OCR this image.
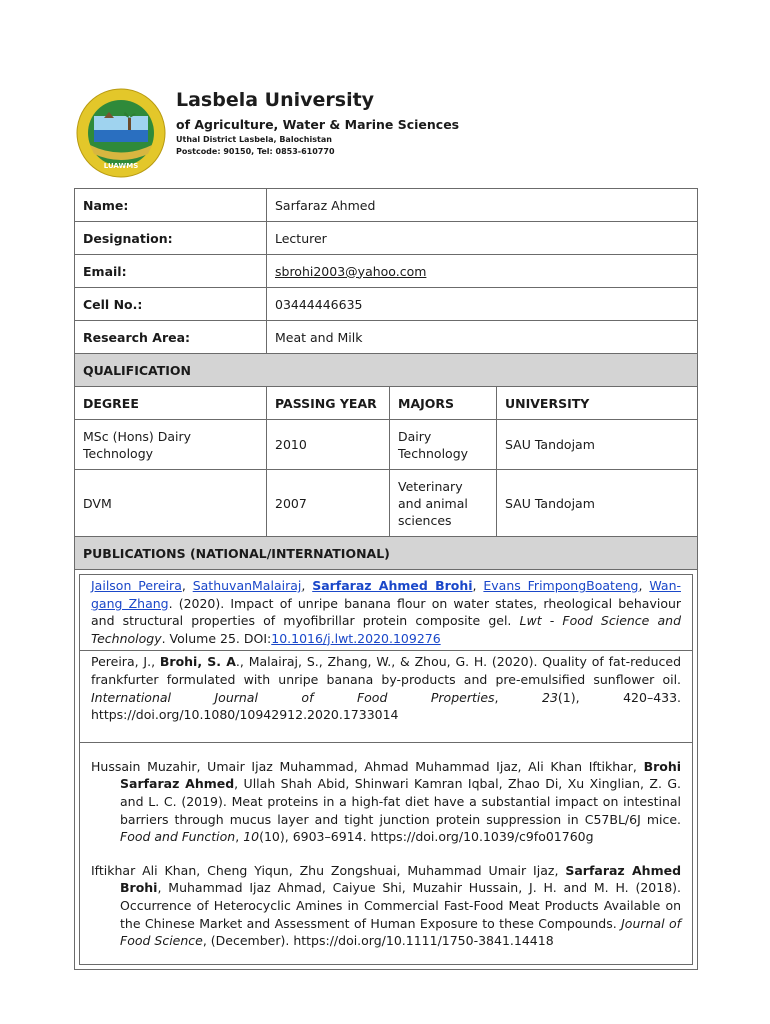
LUAWMS
Lasbela University
of Agriculture, Water & Marine Sciences
Uthal District Lasbela, Balochistan
Postcode: 90150, Tel: 0853-610770
Name:	Sarfaraz Ahmed		
Designation:	Lecturer		
Email:	sbrohi2003@yahoo.com		
Cell No.:	03444446635		
Research Area:	Meat and Milk		
QUALIFICATION			
DEGREE	PASSING YEAR	MAJORS	UNIVERSITY
MSc (Hons) Dairy Technology	2010	Dairy Technology	SAU Tandojam
DVM	2007	Veterinary and animal sciences	SAU Tandojam
PUBLICATIONS (NATIONAL/INTERNATIONAL)			

Jailson Pereira, SathuvanMalairaj, Sarfaraz Ahmed Brohi, Evans FrimpongBoateng, Wan-gang Zhang. (2020). Impact of unripe banana flour on water states, rheological behaviour and structural properties of myofibrillar protein composite gel. Lwt - Food Science and Technology. Volume 25. DOI:10.1016/j.lwt.2020.109276
Pereira, J., Brohi, S. A., Malairaj, S., Zhang, W., & Zhou, G. H. (2020). Quality of fat-reduced frankfurter formulated with unripe banana by-products and pre-emulsified sunflower oil. International Journal of Food Properties, 23(1), 420–433. https://doi.org/10.1080/10942912.2020.1733014
Hussain Muzahir, Umair Ijaz Muhammad, Ahmad Muhammad Ijaz, Ali Khan Iftikhar, Brohi Sarfaraz Ahmed, Ullah Shah Abid, Shinwari Kamran Iqbal, Zhao Di, Xu Xinglian, Z. G. and L. C. (2019). Meat proteins in a high-fat diet have a substantial impact on intestinal barriers through mucus layer and tight junction protein suppression in C57BL/6J mice. Food and Function, 10(10), 6903–6914. https://doi.org/10.1039/c9fo01760g
Iftikhar Ali Khan, Cheng Yiqun, Zhu Zongshuai, Muhammad Umair Ijaz, Sarfaraz Ahmed Brohi, Muhammad Ijaz Ahmad, Caiyue Shi, Muzahir Hussain, J. H. and M. H. (2018). Occurrence of Heterocyclic Amines in Commercial Fast-Food Meat Products Available on the Chinese Market and Assessment of Human Exposure to these Compounds. Journal of Food Science, (December). https://doi.org/10.1111/1750-3841.14418			
